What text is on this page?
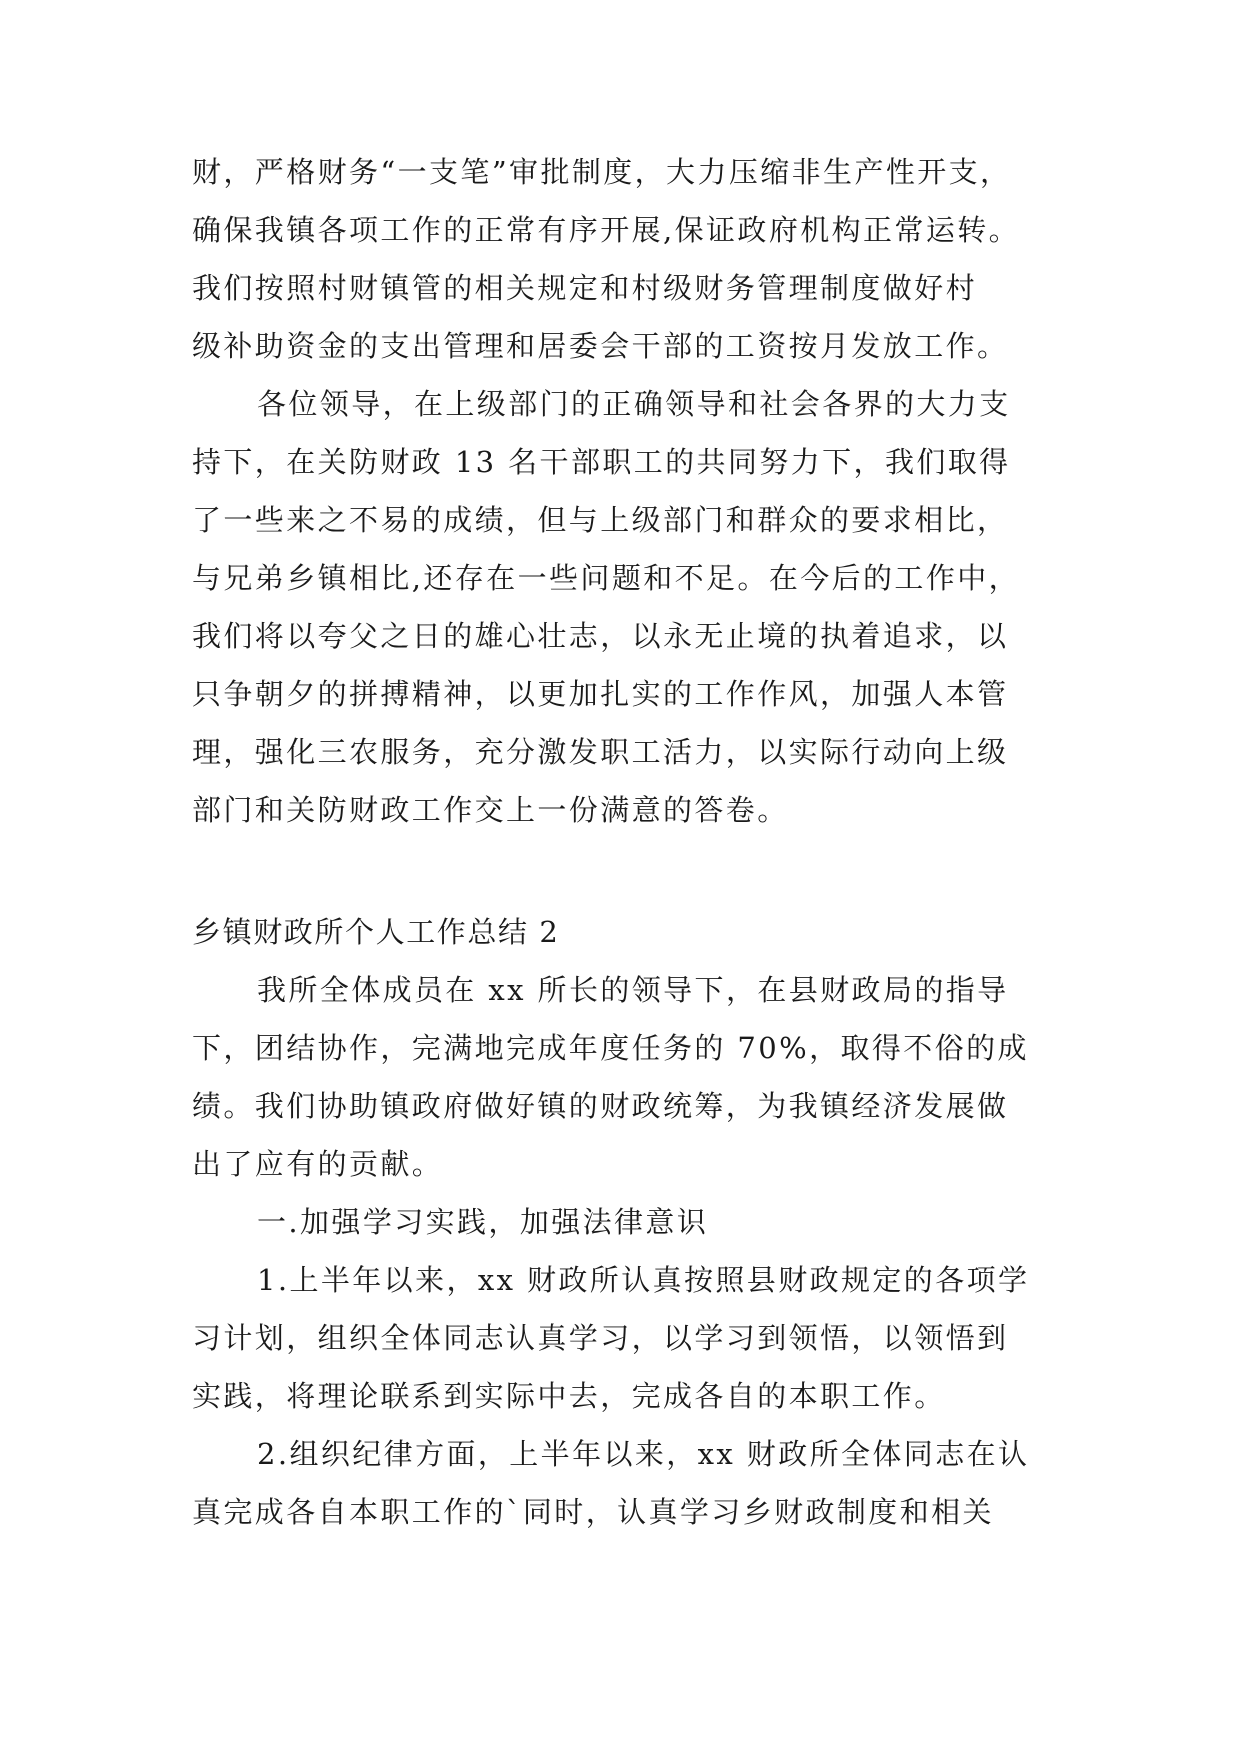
财，严格财务“一支笔”审批制度，大力压缩非生产性开支，
确保我镇各项工作的正常有序开展,保证政府机构正常运转。
我们按照村财镇管的相关规定和村级财务管理制度做好村
级补助资金的支出管理和居委会干部的工资按月发放工作。
各位领导，在上级部门的正确领导和社会各界的大力支
持下，在关防财政 13 名干部职工的共同努力下，我们取得
了一些来之不易的成绩，但与上级部门和群众的要求相比，
与兄弟乡镇相比,还存在一些问题和不足。在今后的工作中，
我们将以夸父之日的雄心壮志，以永无止境的执着追求，以
只争朝夕的拼搏精神，以更加扎实的工作作风，加强人本管
理，强化三农服务，充分激发职工活力，以实际行动向上级
部门和关防财政工作交上一份满意的答卷。
乡镇财政所个人工作总结 2
我所全体成员在 xx 所长的领导下，在县财政局的指导
下，团结协作，完满地完成年度任务的 70%，取得不俗的成
绩。我们协助镇政府做好镇的财政统筹，为我镇经济发展做
出了应有的贡献。
一.加强学习实践，加强法律意识
1.上半年以来，xx 财政所认真按照县财政规定的各项学
习计划，组织全体同志认真学习，以学习到领悟，以领悟到
实践，将理论联系到实际中去，完成各自的本职工作。
2.组织纪律方面，上半年以来，xx 财政所全体同志在认
真完成各自本职工作的`同时，认真学习乡财政制度和相关
